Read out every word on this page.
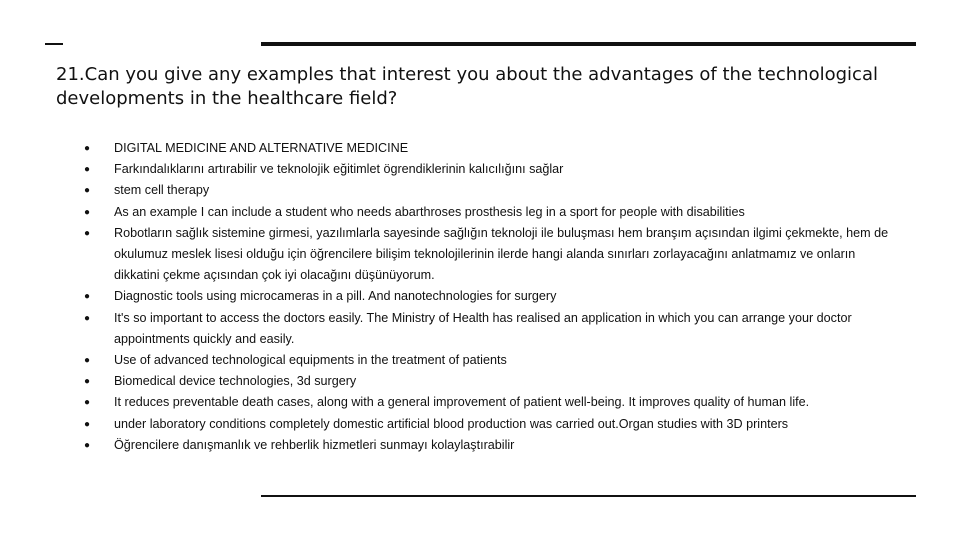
21.Can you give any examples that interest you about the advantages of the technological developments in the healthcare field?
●	DIGITAL MEDICINE AND ALTERNATIVE MEDICINE
●	Farkındalıklarını artırabilir ve teknolojik eğitimlet ögrendiklerinin kalıcılığını sağlar
●	stem cell therapy
●	As an example I can include a student who needs abarthroses prosthesis leg in a sport for people with disabilities
●	Robotların sağlık sistemine girmesi, yazılımlarla sayesinde sağlığın teknoloji ile buluşması hem branşım açısından ilgimi çekmekte, hem de okulumuz meslek lisesi olduğu için öğrencilere bilişim teknolojilerinin ilerde hangi alanda sınırları zorlayacağını anlatmamız ve onların dikkatini çekme açısından çok iyi olacağını düşünüyorum.
●	Diagnostic tools using microcameras in a pill. And nanotechnologies for surgery
●	It's so important to access the doctors easily. The Ministry of Health has realised an application in which you can arrange your doctor appointments quickly and easily.
●	Use of advanced technological equipments in the treatment of patients
●	Biomedical device technologies, 3d surgery
●	It reduces preventable death cases, along with a general improvement of patient well-being. It improves quality of human life.
●	under laboratory conditions completely domestic artificial blood production was carried out.Organ studies with 3D printers
●	Öğrencilere danışmanlık ve rehberlik hizmetleri sunmayı kolaylaştırabilir
